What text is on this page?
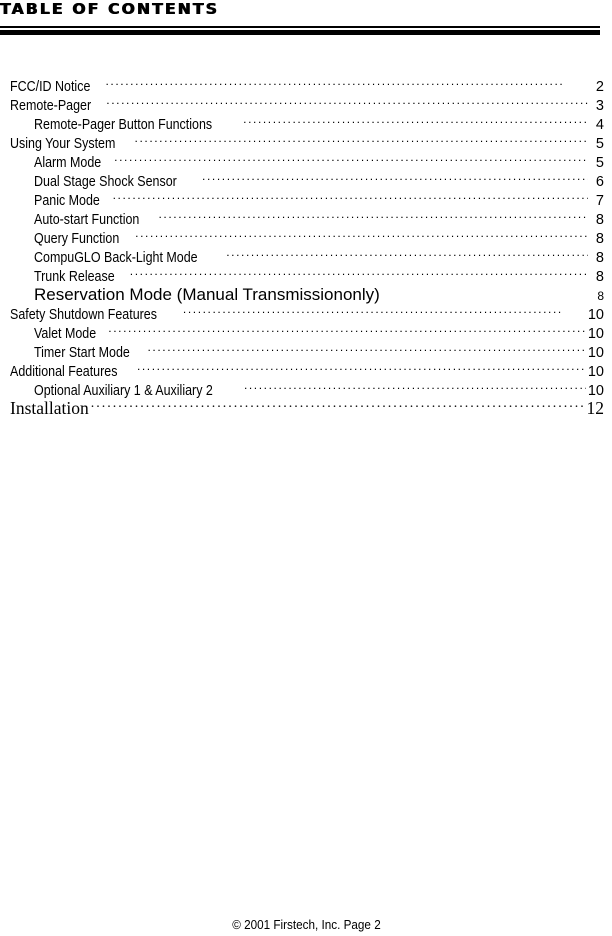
TABLE OF CONTENTS
FCC/ID Notice .....	2
Remote-Pager .....	3
Remote-Pager Button Functions .....	4
Using Your System .....	5
Alarm Mode .....	5
Dual Stage Shock Sensor .....	6
Panic Mode .....	7
Auto-start Function .....	8
Query Function .....	8
CompuGLO Back-Light Mode .....	8
Trunk Release .....	8
Reservation Mode (Manual Transmissiononly)	8
Safety Shutdown Features .....	10
Valet Mode .....	10
Timer Start Mode .....	10
Additional Features .....	10
Optional Auxiliary 1 & Auxiliary 2 .....	10
Installation .....	12
© 2001 Firstech, Inc. Page 2
